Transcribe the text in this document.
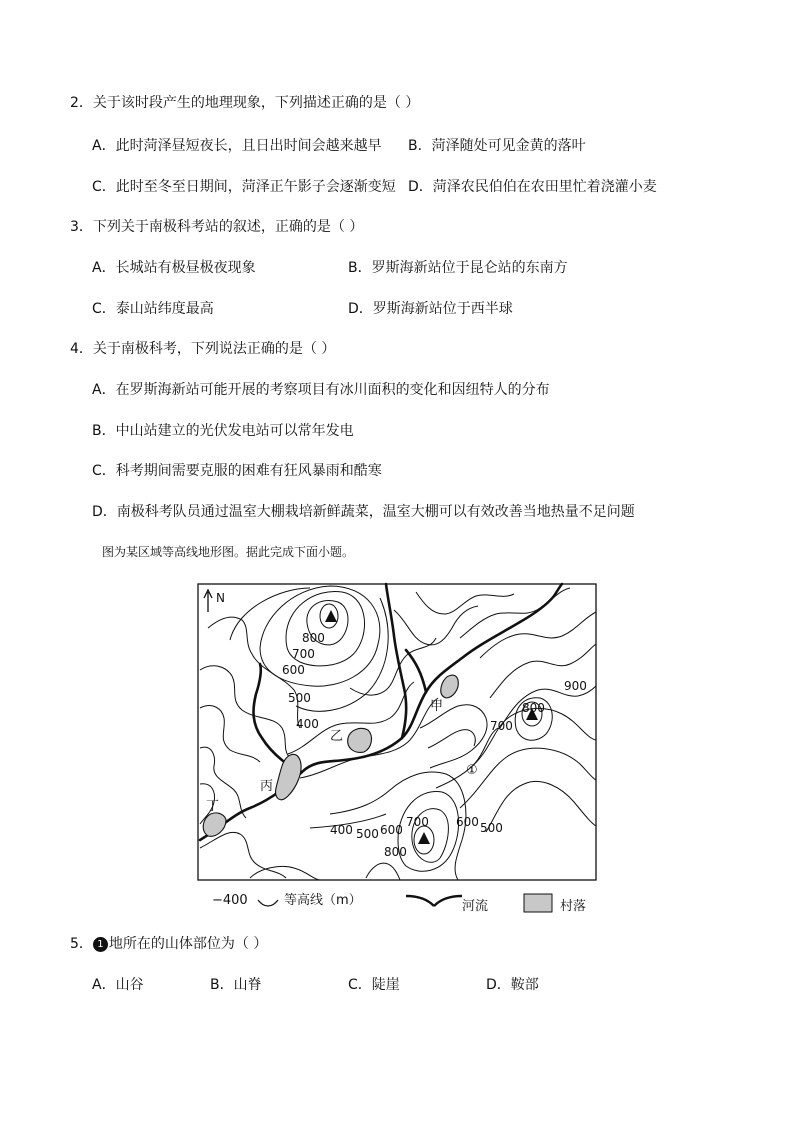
2．关于该时段产生的地理现象，下列描述正确的是（ ）
A．此时菏泽昼短夜长，且日出时间会越来越早 B．菏泽随处可见金黄的落叶
C．此时至冬至日期间，菏泽正午影子会逐渐变短 D．菏泽农民伯伯在农田里忙着浇灌小麦
3．下列关于南极科考站的叙述，正确的是（ ）
A．长城站有极昼极夜现象	B．罗斯海新站位于昆仑站的东南方
C．泰山站纬度最高	D．罗斯海新站位于西半球
4．关于南极科考，下列说法正确的是（ ）
A．在罗斯海新站可能开展的考察项目有冰川面积的变化和因纽特人的分布
B．中山站建立的光伏发电站可以常年发电
C．科考期间需要克服的困难有狂风暴雨和酷寒
D．南极科考队员通过温室大棚栽培新鲜蔬菜，温室大棚可以有效改善当地热量不足问题
图为某区域等高线地形图。据此完成下面小题。
N
800
700
600
500
400
800
900
700
400 500 600
700
800
600 500
甲
乙
丙
丁
①
−400	等高线（m）	河流	村落
5． 1 地所在的山体部位为（ ）
A．山谷	B．山脊	C．陡崖	D．鞍部
